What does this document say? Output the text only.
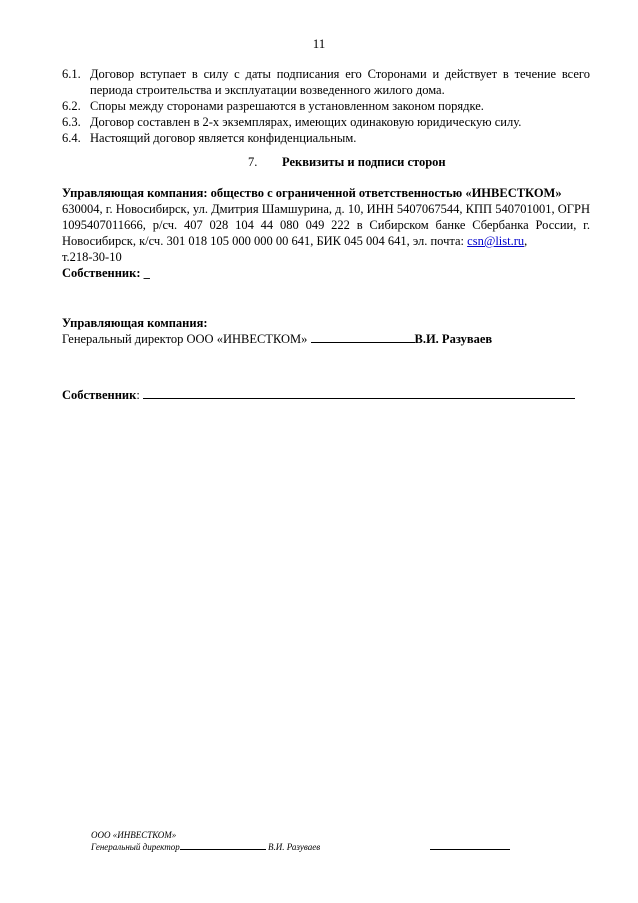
11
6.1. Договор вступает в силу с даты подписания его Сторонами и действует в течение всего
периода строительства и эксплуатации возведенного жилого дома.
6.2. Споры между сторонами разрешаются в установленном законом порядке.
6.3. Договор составлен в 2-х экземплярах, имеющих одинаковую юридическую силу.
6.4. Настоящий договор является конфиденциальным.
7. Реквизиты и подписи сторон
Управляющая компания: общество с ограниченной ответственностью «ИНВЕСТКОМ»
630004, г. Новосибирск, ул. Дмитрия Шамшурина, д. 10, ИНН 5407067544, КПП 540701001, ОГРН
1095407011666, р/сч. 407 028 104 44 080 049 222 в Сибирском банке Сбербанка России, г.
Новосибирск, к/сч. 301 018 105 000 000 00 641, БИК 045 004 641, эл. почта: csn@list.ru,
т.218-30-10
Собственник: _
Управляющая компания:
Генеральный директор ООО «ИНВЕСТКОМ»	В.И. Разуваев
Собственник:
ООО «ИНВЕСТКОМ»
Генеральный директор	В.И. Разуваев
